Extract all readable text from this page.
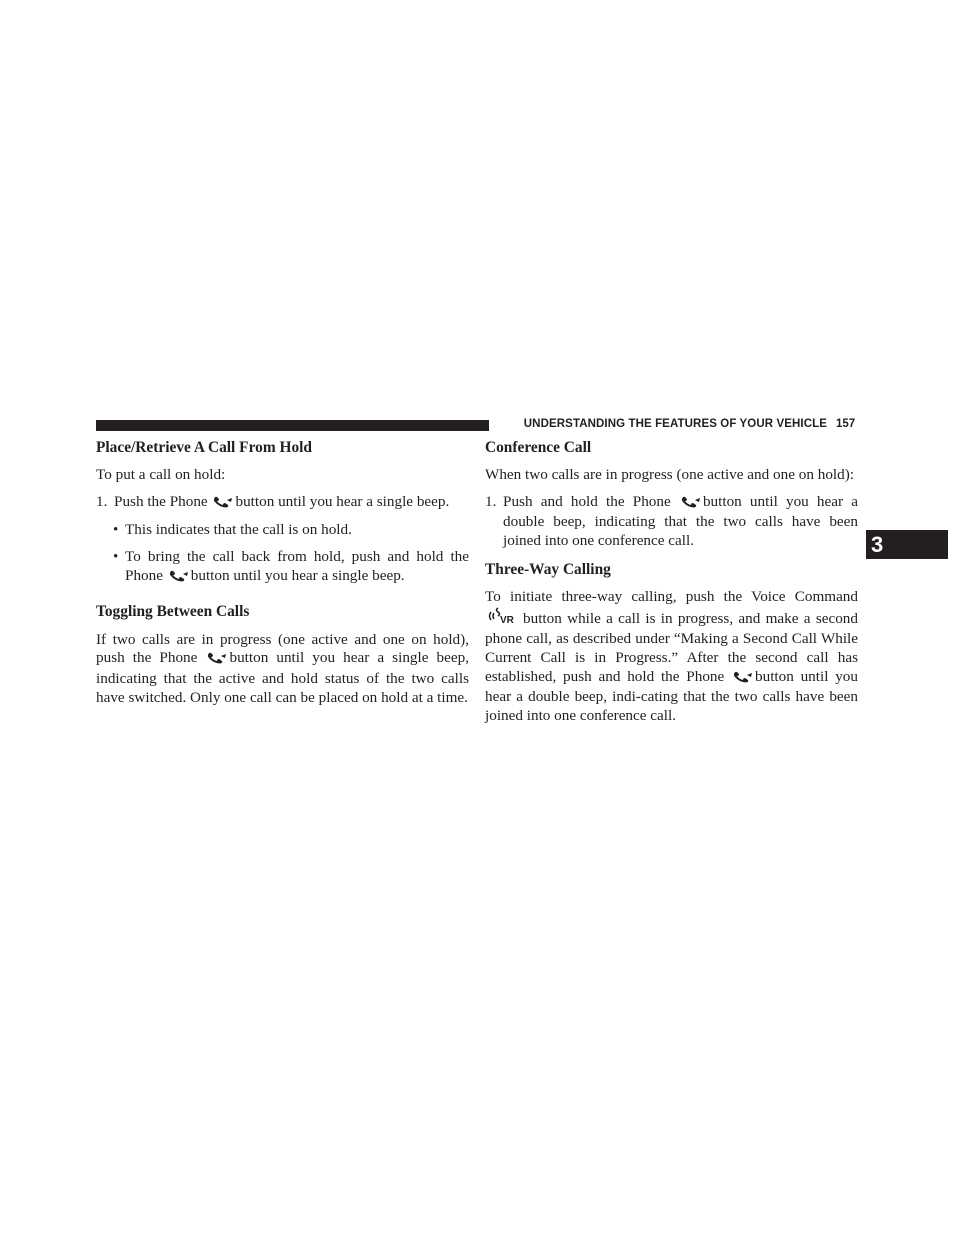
UNDERSTANDING THE FEATURES OF YOUR VEHICLE 157
3
Place/Retrieve A Call From Hold

To put a call on hold:

1. Push the Phone button until you hear a single beep.
• This indicates that the call is on hold.
• To bring the call back from hold, push and hold the Phone button until you hear a single beep.
Toggling Between Calls

If two calls are in progress (one active and one on hold), push the Phone button until you hear a single beep, indicating that the active and hold status of the two calls have switched. Only one call can be placed on hold at a time.

Conference Call

When two calls are in progress (one active and one on hold):

1. Push and hold the Phone button until you hear a double beep, indicating that the two calls have been joined into one conference call.
Three-Way Calling

To initiate three-way calling, push the Voice Command
VR button while a call is in progress, and make a second phone call, as described under “Making a Second Call While Current Call is in Progress.” After the second call has established, push and hold the Phone button until you hear a double beep, indi-cating that the two calls have been joined into one conference call.
